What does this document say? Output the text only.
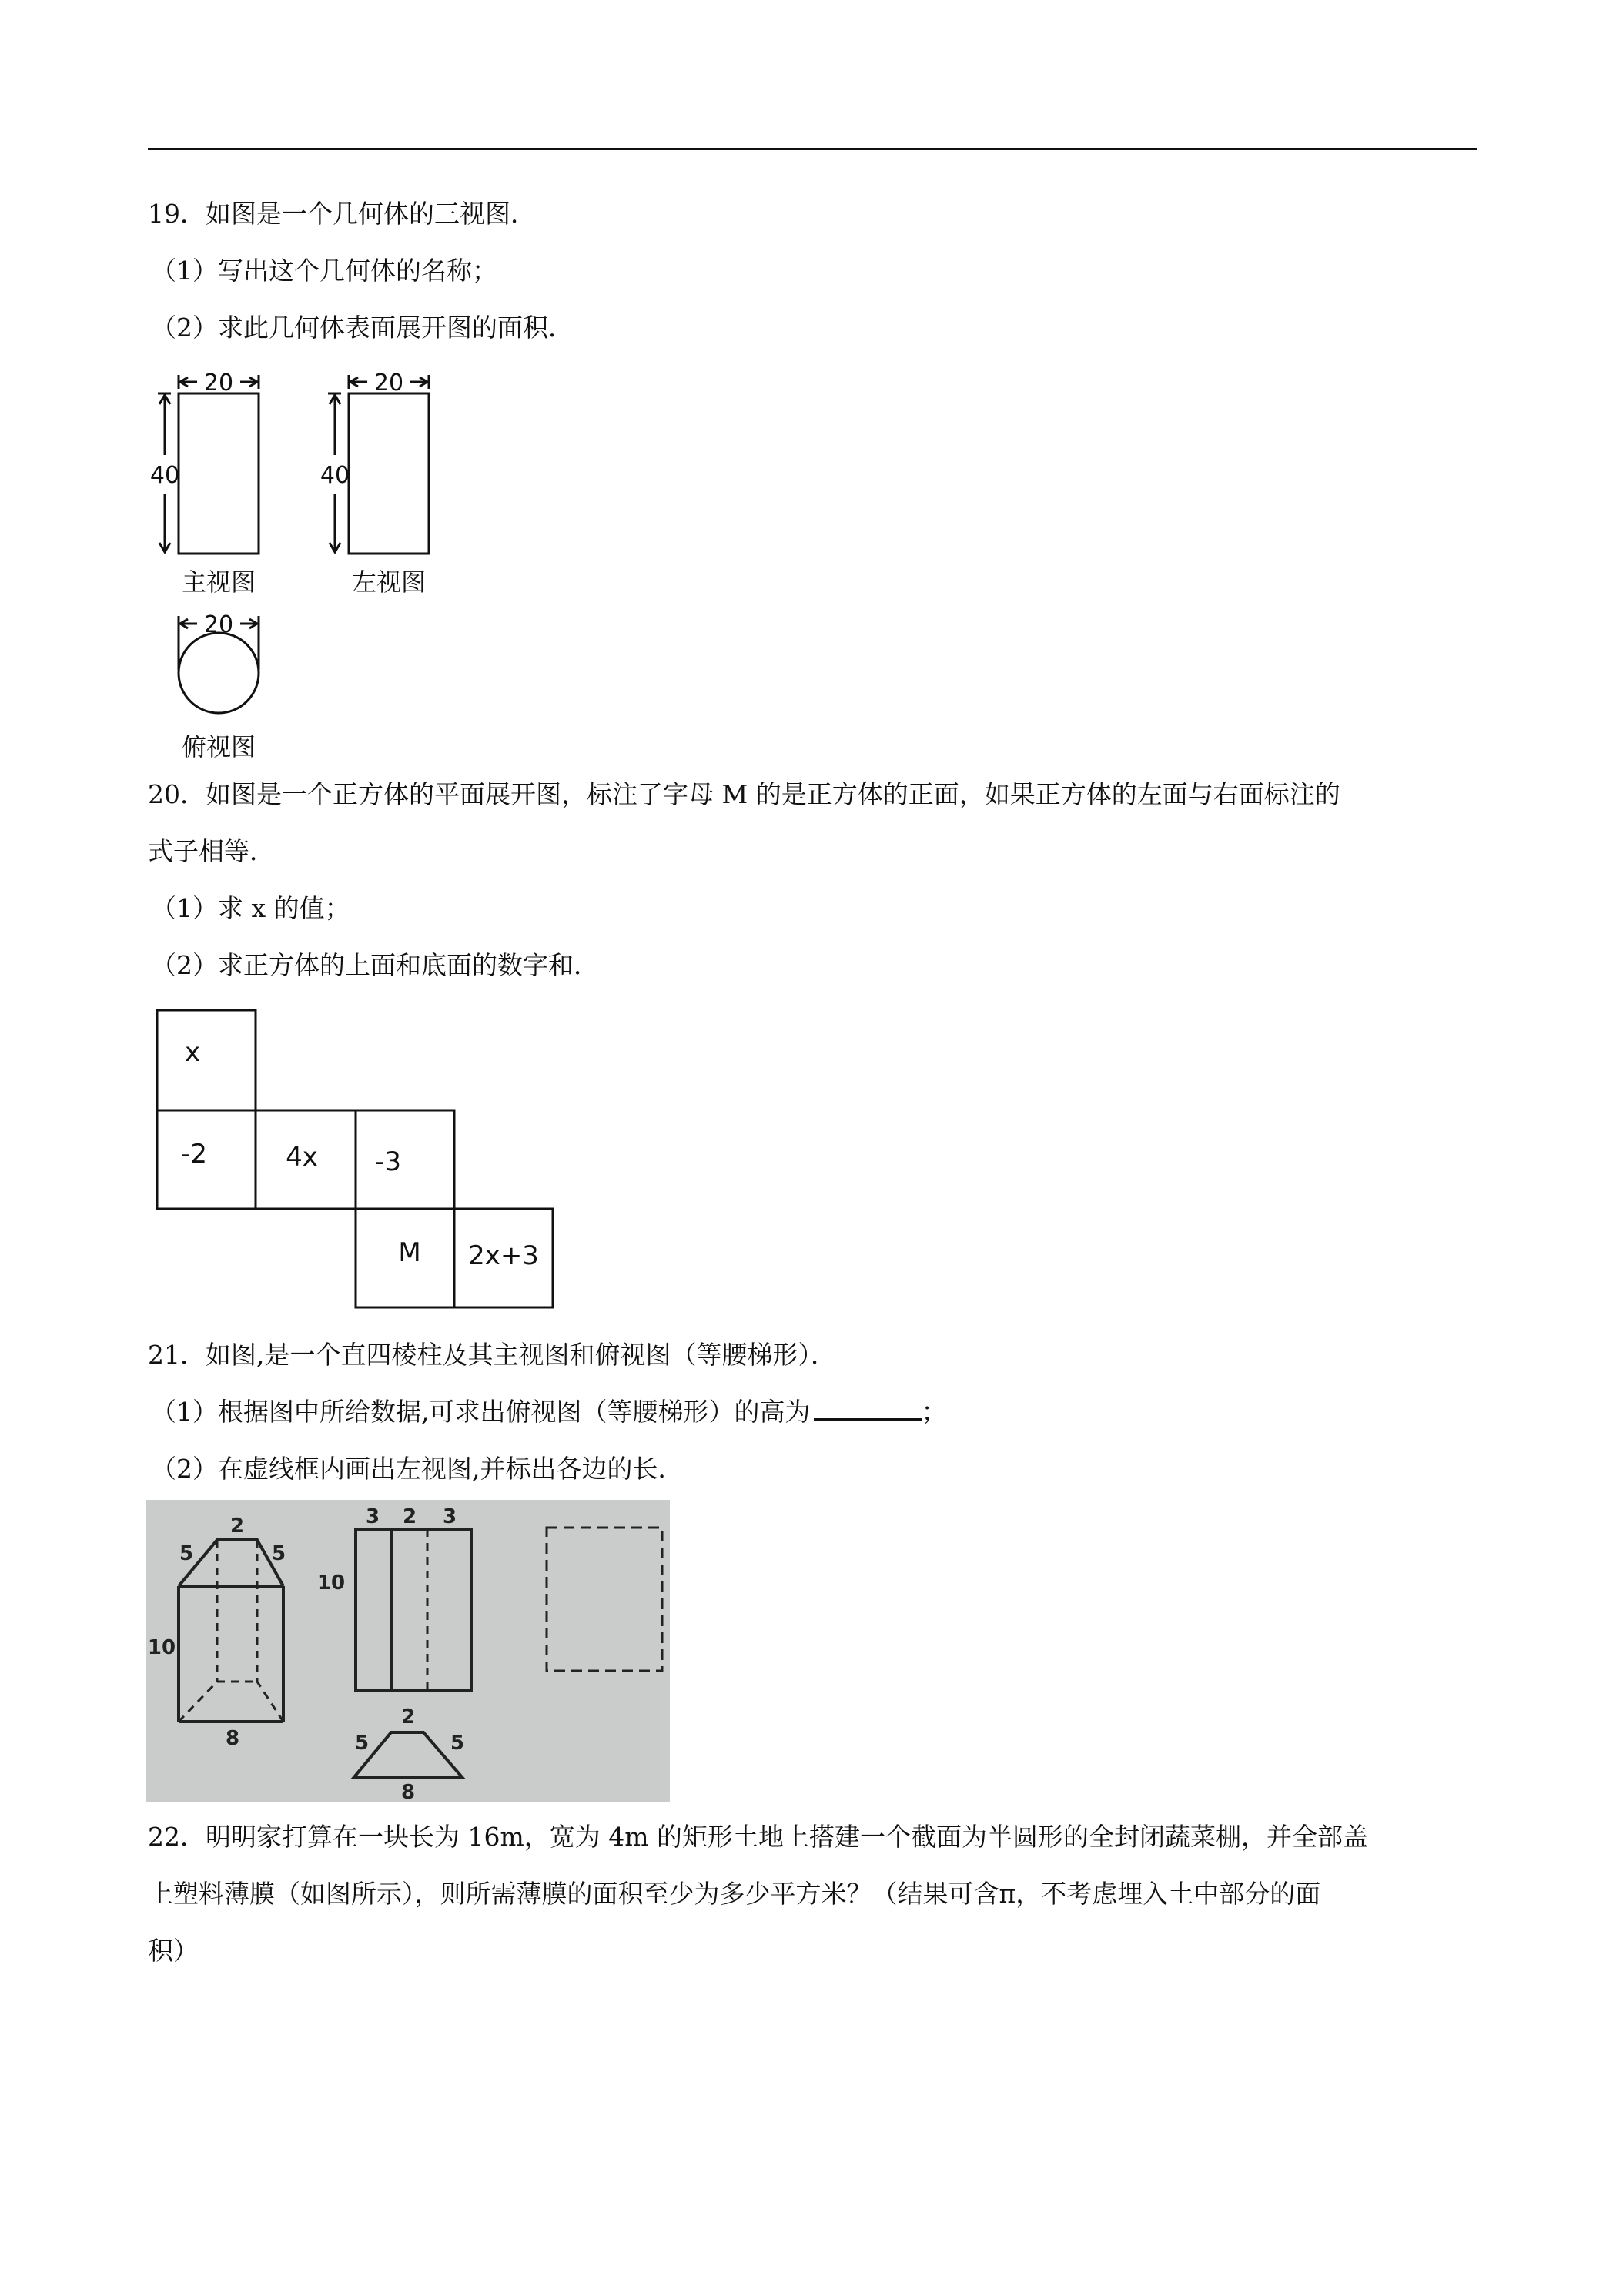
19．如图是一个几何体的三视图．
（1）写出这个几何体的名称；
（2）求此几何体表面展开图的面积．
20
40
主视图
20
40
左视图
20
俯视图
20．如图是一个正方体的平面展开图，标注了字母 M 的是正方体的正面，如果正方体的左面与右面标注的
式子相等．
（1）求 x 的值；
（2）求正方体的上面和底面的数字和．
x
-2	4x -3
M 2x+3
21．如图,是一个直四棱柱及其主视图和俯视图（等腰梯形）．
（1）根据图中所给数据,可求出俯视图（等腰梯形）的高为	；
（2）在虚线框内画出左视图,并标出各边的长．
2
5	5
10
8
3 2 3
10
2
5	5
8
22．明明家打算在一块长为 16m，宽为 4m 的矩形土地上搭建一个截面为半圆形的全封闭蔬菜棚，并全部盖
上塑料薄膜（如图所示），则所需薄膜的面积至少为多少平方米？（结果可含π，不考虑埋入土中部分的面
积）
